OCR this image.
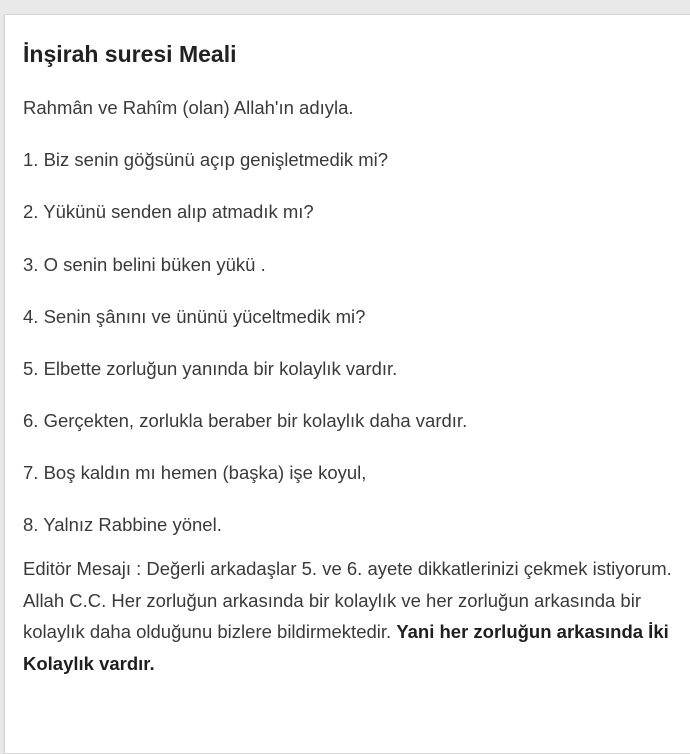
İnşirah suresi Meali

Rahmân ve Rahîm (olan) Allah'ın adıyla.

1. Biz senin göğsünü açıp genişletmedik mi?

2. Yükünü senden alıp atmadık mı?

3. O senin belini büken yükü .

4. Senin şânını ve ününü yüceltmedik mi?

5. Elbette zorluğun yanında bir kolaylık vardır.

6. Gerçekten, zorlukla beraber bir kolaylık daha vardır.

7. Boş kaldın mı hemen (başka) işe koyul,

8. Yalnız Rabbine yönel.

Editör Mesajı : Değerli arkadaşlar 5. ve 6. ayete dikkatlerinizi çekmek istiyorum. Allah C.C. Her zorluğun arkasında bir kolaylık ve her zorluğun arkasında bir kolaylık daha olduğunu bizlere bildirmektedir. Yani her zorluğun arkasında İki Kolaylık vardır.
